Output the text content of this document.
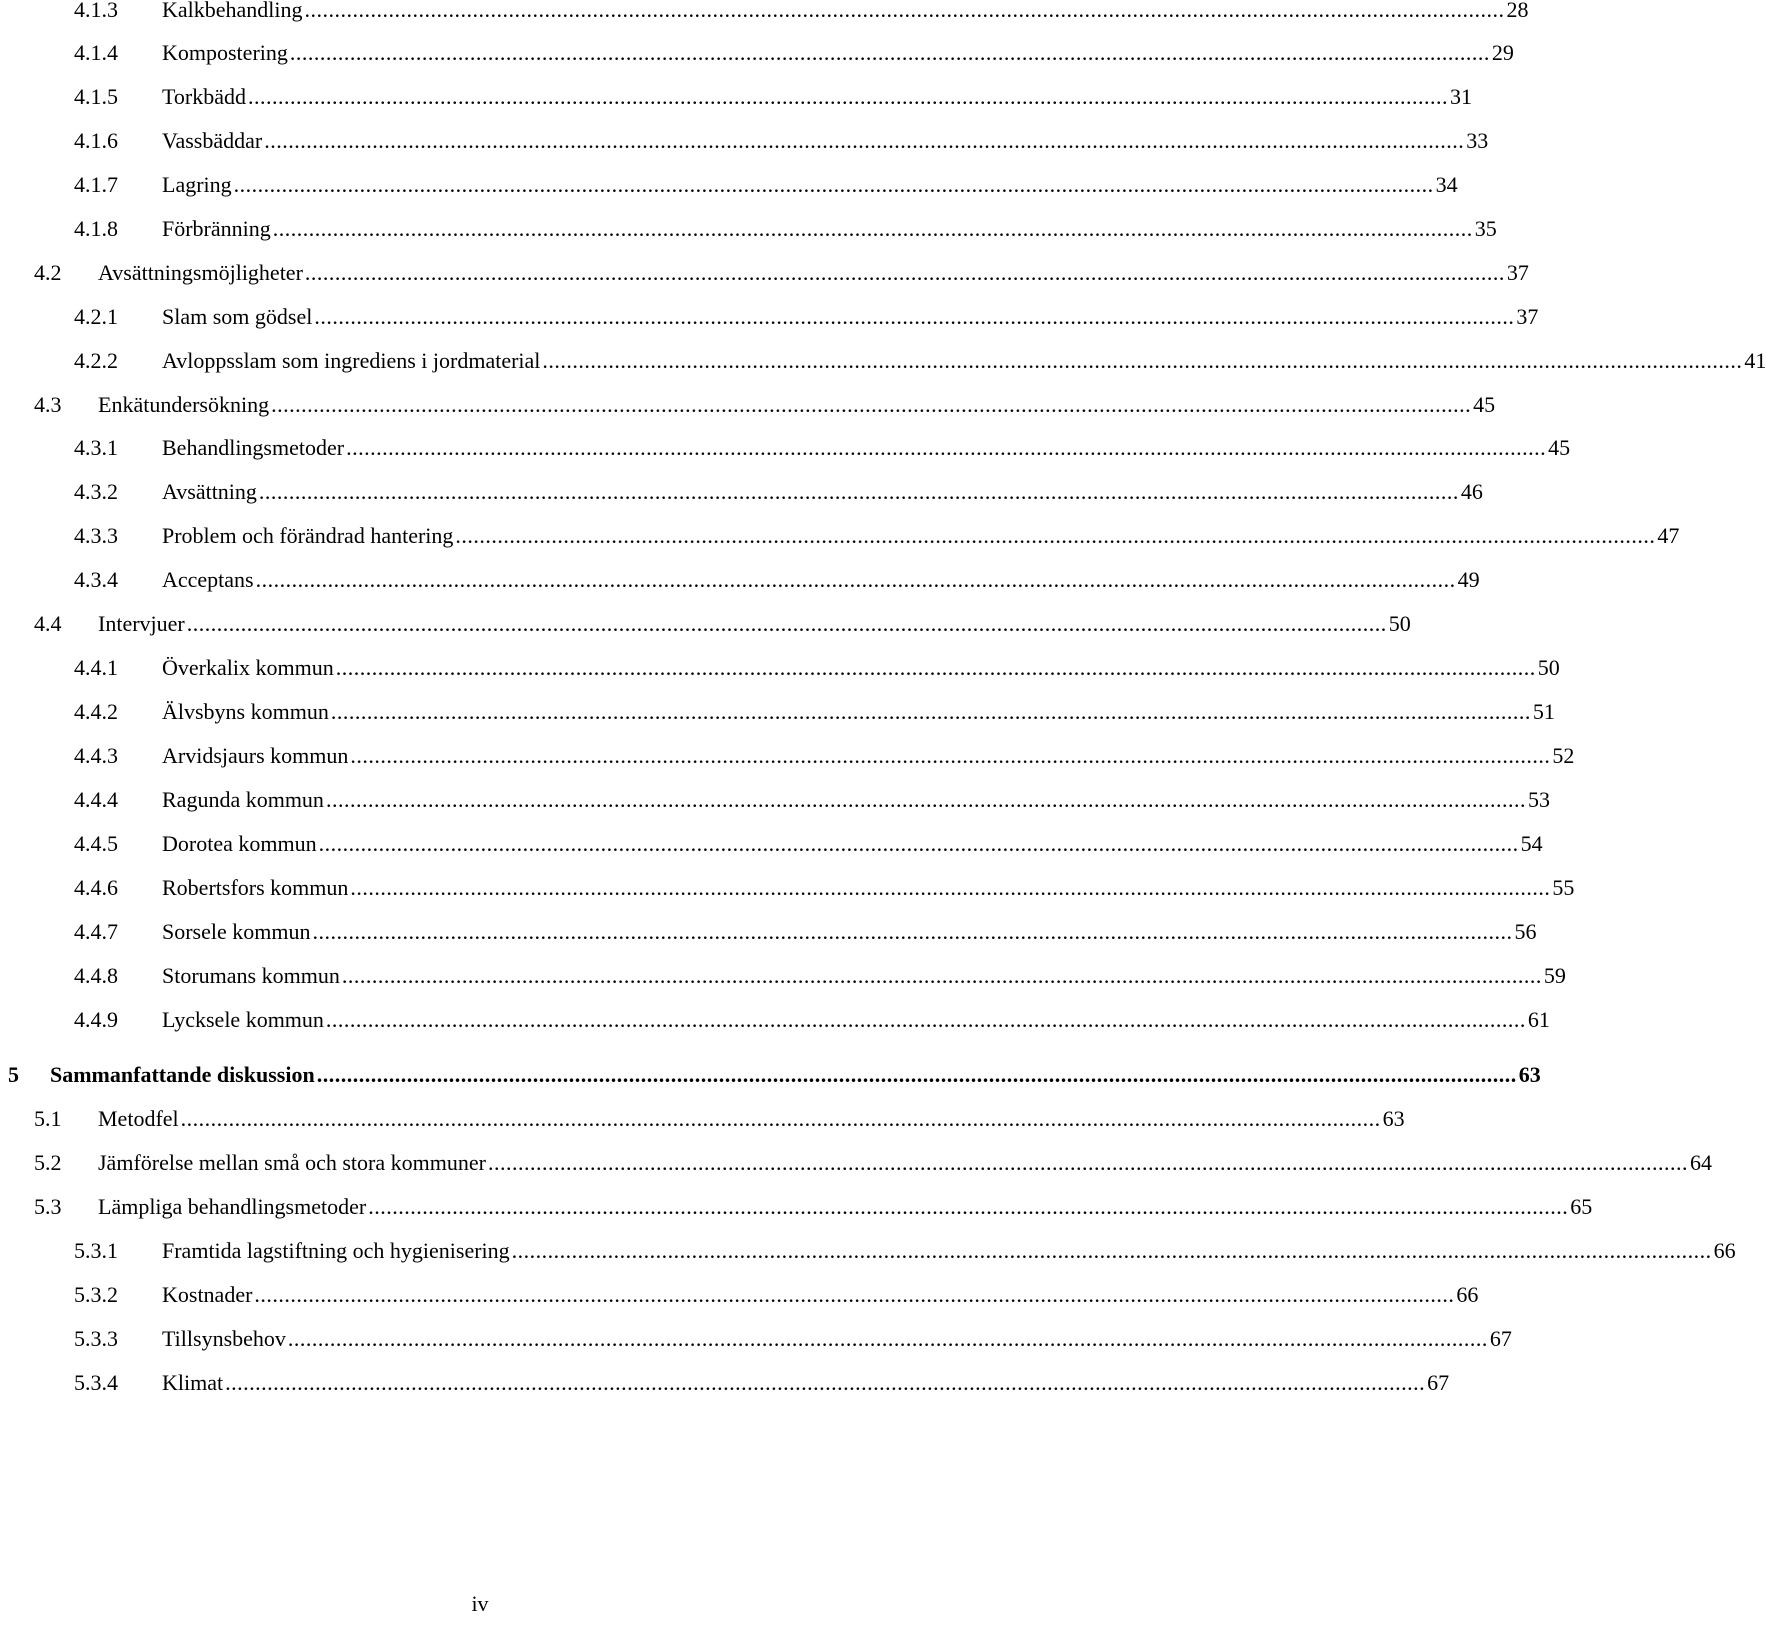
4.1.3 Kalkbehandling ........................................................................................................................................................................................................ 28
4.1.4 Kompostering ........................................................................................................................................................................................................ 29
4.1.5 Torkbädd ........................................................................................................................................................................................................ 31
4.1.6 Vassbäddar ........................................................................................................................................................................................................ 33
4.1.7 Lagring ........................................................................................................................................................................................................ 34
4.1.8 Förbränning ........................................................................................................................................................................................................ 35
4.2 Avsättningsmöjligheter ........................................................................................................................................................................................................ 37
4.2.1 Slam som gödsel ........................................................................................................................................................................................................ 37
4.2.2 Avloppsslam som ingrediens i jordmaterial ........................................................................................................................................................................................................ 41
4.3 Enkätundersökning ........................................................................................................................................................................................................ 45
4.3.1 Behandlingsmetoder ........................................................................................................................................................................................................ 45
4.3.2 Avsättning ........................................................................................................................................................................................................ 46
4.3.3 Problem och förändrad hantering ........................................................................................................................................................................................................ 47
4.3.4 Acceptans ........................................................................................................................................................................................................ 49
4.4 Intervjuer ........................................................................................................................................................................................................ 50
4.4.1 Överkalix kommun ........................................................................................................................................................................................................ 50
4.4.2 Älvsbyns kommun ........................................................................................................................................................................................................ 51
4.4.3 Arvidsjaurs kommun ........................................................................................................................................................................................................ 52
4.4.4 Ragunda kommun ........................................................................................................................................................................................................ 53
4.4.5 Dorotea kommun ........................................................................................................................................................................................................ 54
4.4.6 Robertsfors kommun ........................................................................................................................................................................................................ 55
4.4.7 Sorsele kommun ........................................................................................................................................................................................................ 56
4.4.8 Storumans kommun ........................................................................................................................................................................................................ 59
4.4.9 Lycksele kommun ........................................................................................................................................................................................................ 61
5 Sammanfattande diskussion ........................................................................................................................................................................................................ 63
5.1 Metodfel ........................................................................................................................................................................................................ 63
5.2 Jämförelse mellan små och stora kommuner ........................................................................................................................................................................................................ 64
5.3 Lämpliga behandlingsmetoder ........................................................................................................................................................................................................ 65
5.3.1 Framtida lagstiftning och hygienisering ........................................................................................................................................................................................................ 66
5.3.2 Kostnader ........................................................................................................................................................................................................ 66
5.3.3 Tillsynsbehov ........................................................................................................................................................................................................ 67
5.3.4 Klimat ........................................................................................................................................................................................................ 67
iv
